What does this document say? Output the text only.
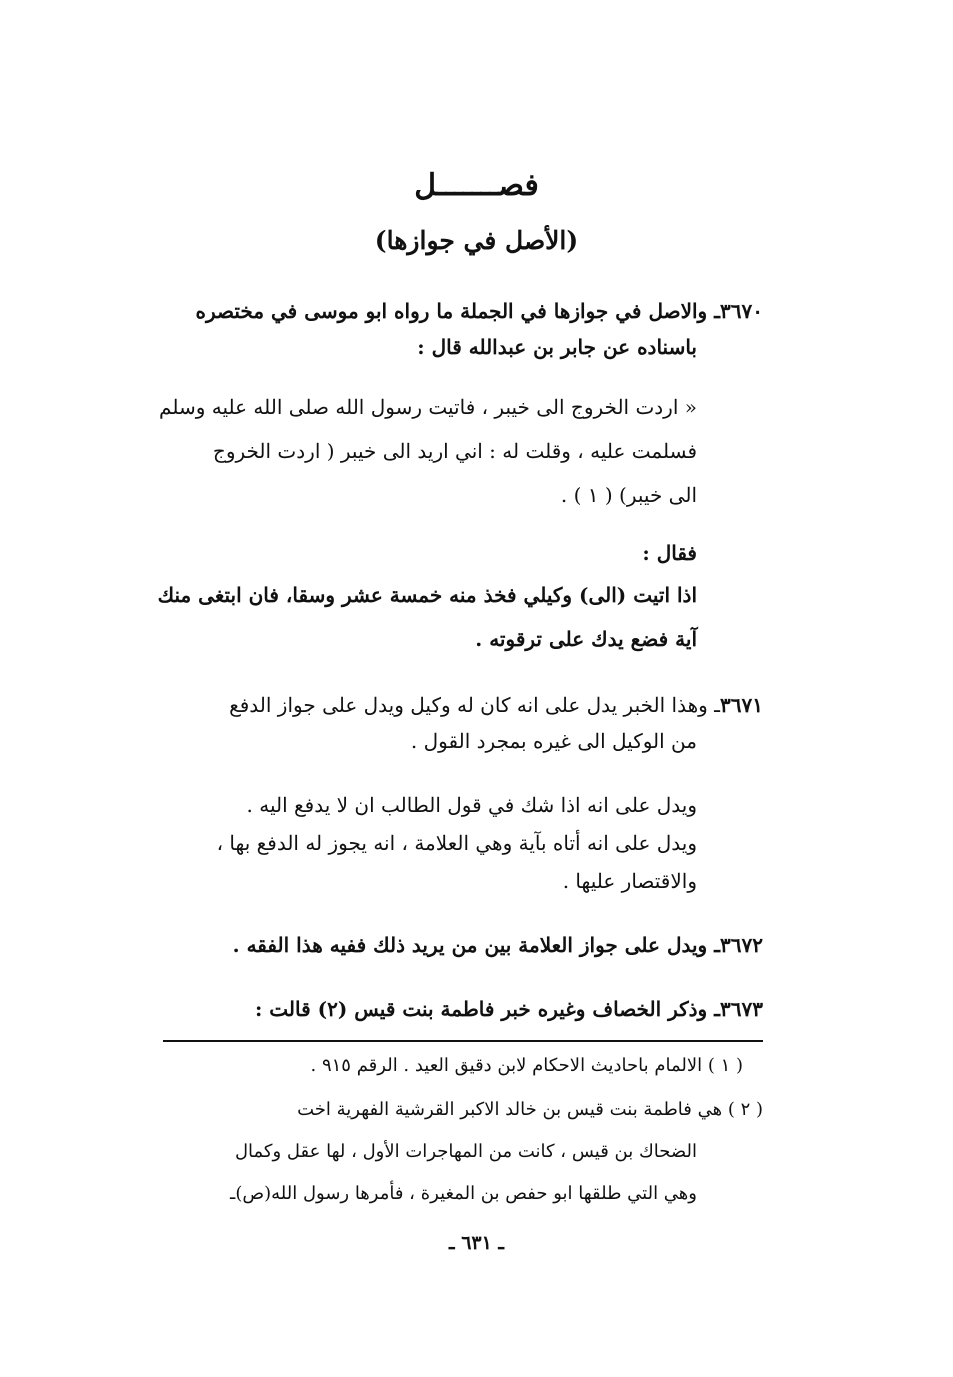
فصـــــــل
(الأصل في جوازها)
٣٦٧٠ـ والاصل في جوازها في الجملة ما رواه ابو موسى في مختصره
باسناده عن جابر بن عبدالله قال :
« اردت الخروج الى خيبر ، فاتيت رسول الله صلى الله عليه وسلم
فسلمت عليه ، وقلت له : اني اريد الى خيبر ( اردت الخروج
الى خيبر) ( ١ ) .
فقال :
اذا اتيت (الى) وكيلي فخذ منه خمسة عشر وسقا، فان ابتغى منك
آية فضع يدك على ترقوته .
٣٦٧١ـ وهذا الخبر يدل على انه كان له وكيل ويدل على جواز الدفع
من الوكيل الى غيره بمجرد القول .
ويدل على انه اذا شك في قول الطالب ان لا يدفع اليه .
ويدل على انه أتاه بآية وهي العلامة ، انه يجوز له الدفع بها ،
والاقتصار عليها .
٣٦٧٢ـ ويدل على جواز العلامة بين من يريد ذلك ففيه هذا الفقه .
٣٦٧٣ـ وذكر الخصاف وغيره خبر فاطمة بنت قيس (٢) قالت :
( ١ ) الالمام باحاديث الاحكام لابن دقيق العيد . الرقم ٩١٥ .
( ٢ ) هي فاطمة بنت قيس بن خالد الاكبر القرشية الفهرية اخت
الضحاك بن قيس ، كانت من المهاجرات الأول ، لها عقل وكمال
وهي التي طلقها ابو حفص بن المغيرة ، فأمرها رسول الله(ص)ـ
ـ ٦٣١ ـ
